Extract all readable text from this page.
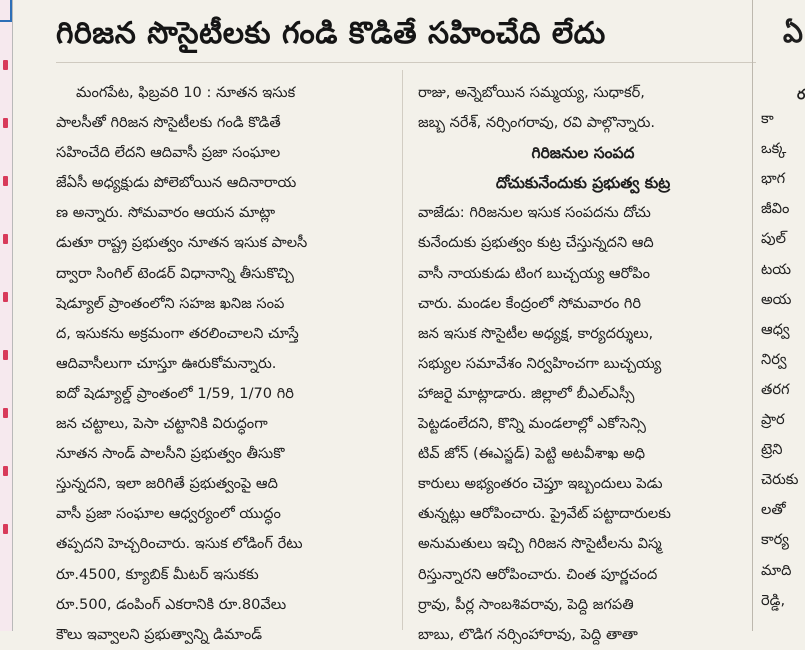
గిరిజన సొసైటీలకు గండి కొడితే సహించేది లేదు

మంగపేట, ఫిబ్రవరి 10 : నూతన ఇసుక

పాలసీతో గిరిజన సొసైటీలకు గండి కొడితే

సహించేది లేదని ఆదివాసీ ప్రజా సంఘాల

జేఏసీ అధ్యక్షుడు పోలెబోయిన ఆదినారాయ

ణ అన్నారు. సోమవారం ఆయన మాట్లా

డుతూ రాష్ట్ర ప్రభుత్వం నూతన ఇసుక పాలసీ

ద్వారా సింగిల్ టెండర్ విధానాన్ని తీసుకొచ్చి

షెడ్యూల్ ప్రాంతంలోని సహజ ఖనిజ సంప

ద, ఇసుకను అక్రమంగా తరలించాలని చూస్తే

ఆదివాసీలుగా చూస్తూ ఊరుకోమన్నారు.

ఐదో షెడ్యూల్డ్ ప్రాంతంలో 1/59, 1/70 గిరి

జన చట్టాలు, పెసా చట్టానికి విరుద్ధంగా

నూతన సాండ్ పాలసీని ప్రభుత్వం తీసుకొ

స్తున్నదని, ఇలా జరిగితే ప్రభుత్వంపై ఆది

వాసీ ప్రజా సంఘాల ఆధ్వర్యంలో యుద్ధం

తప్పదని హెచ్చరించారు. ఇసుక లోడింగ్ రేటు

రూ.4500, క్యూబిక్ మీటర్ ఇసుకకు

రూ.500, డంపింగ్ ఎకరానికి రూ.80వేలు

కౌలు ఇవ్వాలని ప్రభుత్వాన్ని డిమాండ్

రాజు, అన్నెబోయిన సమ్మయ్య, సుధాకర్,

జబ్బ నరేశ్, నర్సింగరావు, రవి పాల్గొన్నారు.

గిరిజనుల సంపద

దోచుకునేందుకు ప్రభుత్వ కుట్ర

వాజేడు: గిరిజనుల ఇసుక సంపదను దోచు

కునేందుకు ప్రభుత్వం కుట్ర చేస్తున్నదని ఆది

వాసీ నాయకుడు టింగ బుచ్చయ్య ఆరోపిం

చారు. మండల కేంద్రంలో సోమవారం గిరి

జన ఇసుక సొసైటీల అధ్యక్ష, కార్యదర్శులు,

సభ్యుల సమావేశం నిర్వహించగా బుచ్చయ్య

హాజరై మాట్లాడారు. జిల్లాలో బీఎల్ఎస్సీ

పెట్టడంలేదని, కొన్ని మండలాల్లో ఎకోసెన్సి

టివ్ జోన్ (ఈఎస్జడ్) పెట్టి అటవీశాఖ అధి

కారులు అభ్యంతరం చెప్తూ ఇబ్బందులు పెడు

తున్నట్లు ఆరోపించారు. ప్రైవేట్ పట్టాదారులకు

అనుమతులు ఇచ్చి గిరిజన సొసైటీలను విస్మ

రిస్తున్నారని ఆరోపించారు. చింత పూర్ణచంద

ర్రావు, పీర్ల సాంబశివరావు, పెద్ది జగపతి

బాబు, లొడిగ నర్సింహారావు, పెద్ది తాతా

ఏ
ర
కా
ఒక్క
భాగ
జీవిం
పుల్
టయ
అయ
ఆధ్వ
నిర్వ
తరగ
ప్రార
ట్రెని
చెరుకు
లతో
కార్య
మాది
రెడ్డి,
